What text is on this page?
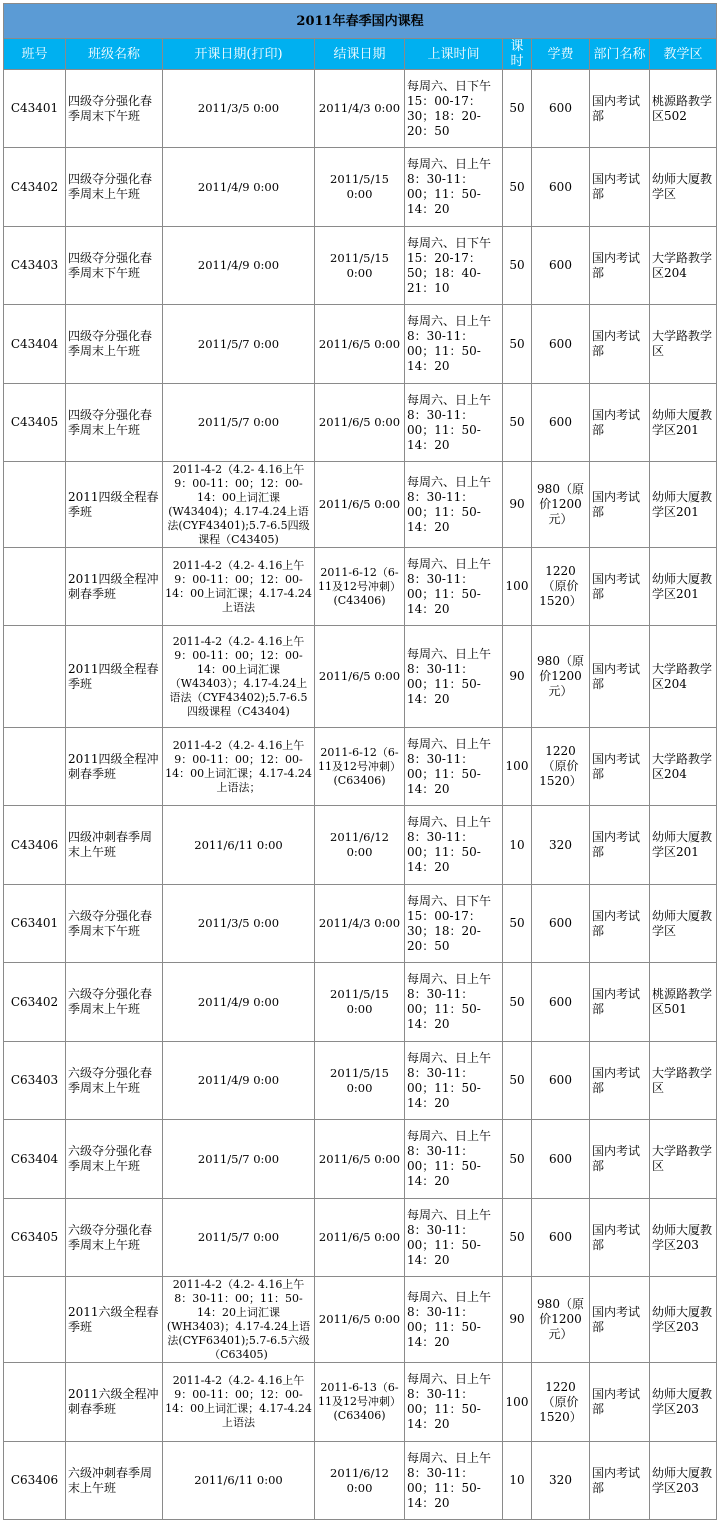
2011年春季国内课程								
班号	班级名称	开课日期(打印)	结课日期	上课时间	课时	学费	部门名称	教学区
C43401	四级夺分强化春季周末下午班	2011/3/5 0:00	2011/4/3 0:00	每周六、日下午15：00-17：30；18：20-20：50	50	600	国内考试部	桃源路教学区502
C43402	四级夺分强化春季周末上午班	2011/4/9 0:00	2011/5/15 0:00	每周六、日上午8：30-11：00；11：50-14：20	50	600	国内考试部	幼师大厦教学区
C43403	四级夺分强化春季周末下午班	2011/4/9 0:00	2011/5/15 0:00	每周六、日下午15：20-17：50；18：40-21：10	50	600	国内考试部	大学路教学区204
C43404	四级夺分强化春季周末上午班	2011/5/7 0:00	2011/6/5 0:00	每周六、日上午8：30-11：00；11：50-14：20	50	600	国内考试部	大学路教学区
C43405	四级夺分强化春季周末上午班	2011/5/7 0:00	2011/6/5 0:00	每周六、日上午8：30-11：00；11：50-14：20	50	600	国内考试部	幼师大厦教学区201
	2011四级全程春季班	2011-4-2（4.2- 4.16上午9：00-11：00；12：00-14：00上词汇课(W43404)；4.17-4.24上语法(CYF43401);5.7-6.5四级课程（C43405)	2011/6/5 0:00	每周六、日上午8：30-11：00；11：50-14：20	90	980（原价1200元）	国内考试部	幼师大厦教学区201
	2011四级全程冲刺春季班	2011-4-2（4.2- 4.16上午9：00-11：00；12：00-14：00上词汇课；4.17-4.24上语法	2011-6-12（6-11及12号冲刺）(C43406)	每周六、日上午8：30-11：00；11：50-14：20	100	1220（原价1520）	国内考试部	幼师大厦教学区201
	2011四级全程春季班	2011-4-2（4.2- 4.16上午9：00-11：00；12：00-14：00上词汇课（W43403）；4.17-4.24上语法（CYF43402);5.7-6.5四级课程（C43404)	2011/6/5 0:00	每周六、日上午8：30-11：00；11：50-14：20	90	980（原价1200元）	国内考试部	大学路教学区204
	2011四级全程冲刺春季班	2011-4-2（4.2- 4.16上午9：00-11：00；12：00-14：00上词汇课；4.17-4.24上语法；	2011-6-12（6-11及12号冲刺）(C63406)	每周六、日上午8：30-11：00；11：50-14：20	100	1220（原价1520）	国内考试部	大学路教学区204
C43406	四级冲刺春季周末上午班	2011/6/11 0:00	2011/6/12 0:00	每周六、日上午8：30-11：00；11：50-14：20	10	320	国内考试部	幼师大厦教学区201
C63401	六级夺分强化春季周末下午班	2011/3/5 0:00	2011/4/3 0:00	每周六、日下午15：00-17：30；18：20-20：50	50	600	国内考试部	幼师大厦教学区
C63402	六级夺分强化春季周末上午班	2011/4/9 0:00	2011/5/15 0:00	每周六、日上午8：30-11：00；11：50-14：20	50	600	国内考试部	桃源路教学区501
C63403	六级夺分强化春季周末上午班	2011/4/9 0:00	2011/5/15 0:00	每周六、日上午8：30-11：00；11：50-14：20	50	600	国内考试部	大学路教学区
C63404	六级夺分强化春季周末上午班	2011/5/7 0:00	2011/6/5 0:00	每周六、日上午8：30-11：00；11：50-14：20	50	600	国内考试部	大学路教学区
C63405	六级夺分强化春季周末上午班	2011/5/7 0:00	2011/6/5 0:00	每周六、日上午8：30-11：00；11：50-14：20	50	600	国内考试部	幼师大厦教学区203
	2011六级全程春季班	2011-4-2（4.2- 4.16上午8：30-11：00；11：50-14：20上词汇课(WH3403)；4.17-4.24上语法(CYF63401);5.7-6.5六级（C63405)	2011/6/5 0:00	每周六、日上午8：30-11：00；11：50-14：20	90	980（原价1200元）	国内考试部	幼师大厦教学区203
	2011六级全程冲刺春季班	2011-4-2（4.2- 4.16上午9：00-11：00；12：00-14：00上词汇课；4.17-4.24上语法	2011-6-13（6-11及12号冲刺）(C63406)	每周六、日上午8：30-11：00；11：50-14：20	100	1220（原价1520）	国内考试部	幼师大厦教学区203
C63406	六级冲刺春季周末上午班	2011/6/11 0:00	2011/6/12 0:00	每周六、日上午8：30-11：00；11：50-14：20	10	320	国内考试部	幼师大厦教学区203
